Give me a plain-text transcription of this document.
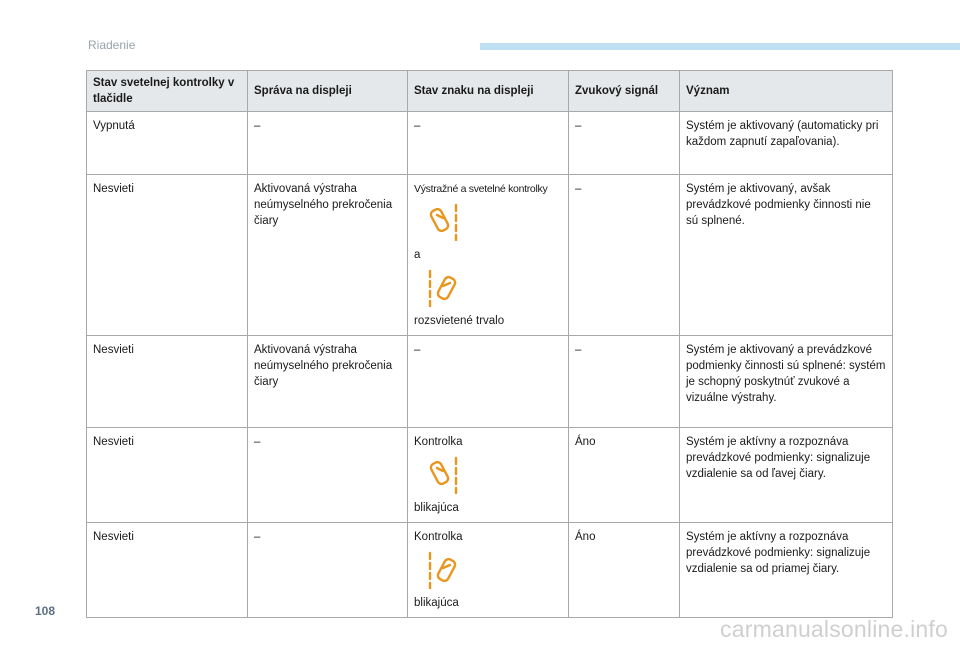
Riadenie
Stav svetelnej kontrolky v tlačidle	Správa na displeji	Stav znaku na displeji	Zvukový signál	Význam
Vypnutá	–	–	–	Systém je aktivovaný (automaticky pri každom zapnutí zapaľovania).
Nesvieti	Aktivovaná výstraha neúmyselného prekročenia čiary	Výstražné a svetelné kontrolky
a
rozsvietené trvalo	–	Systém je aktivovaný, avšak prevádzkové podmienky činnosti nie sú splnené.
Nesvieti	Aktivovaná výstraha neúmyselného prekročenia čiary	–	–	Systém je aktivovaný a prevádzkové podmienky činnosti sú splnené: systém je schopný poskytnúť zvukové a vizuálne výstrahy.
Nesvieti	–	Kontrolka
blikajúca	Áno	Systém je aktívny a rozpoznáva prevádzkové podmienky: signalizuje vzdialenie sa od ľavej čiary.
Nesvieti	–	Kontrolka
blikajúca	Áno	Systém je aktívny a rozpoznáva prevádzkové podmienky: signalizuje vzdialenie sa od priamej čiary.
108
carmanualsonline.info
